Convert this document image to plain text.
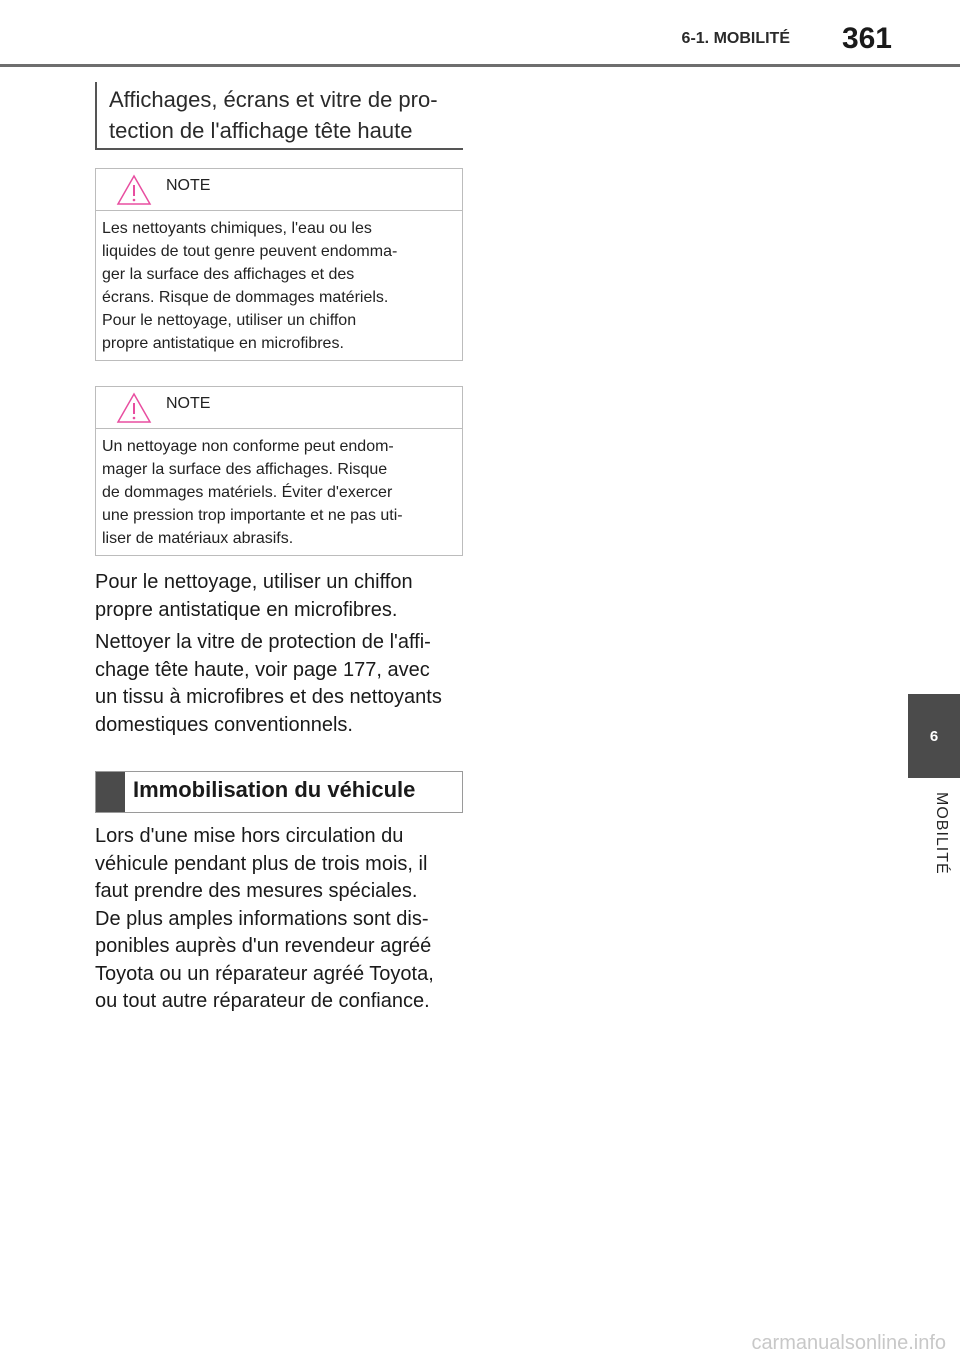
6-1. MOBILITÉ 361
6
MOBILITÉ
Affichages, écrans et vitre de pro-
tection de l'affichage tête haute
NOTE
Les nettoyants chimiques, l'eau ou les
liquides de tout genre peuvent endomma-
ger la surface des affichages et des
écrans. Risque de dommages matériels.
Pour le nettoyage, utiliser un chiffon
propre antistatique en microfibres.
NOTE
Un nettoyage non conforme peut endom-
mager la surface des affichages. Risque
de dommages matériels. Éviter d'exercer
une pression trop importante et ne pas uti-
liser de matériaux abrasifs.
Pour le nettoyage, utiliser un chiffon
propre antistatique en microfibres.
Nettoyer la vitre de protection de l'affi-
chage tête haute, voir page 177, avec
un tissu à microfibres et des nettoyants
domestiques conventionnels.
Immobilisation du véhicule
Lors d'une mise hors circulation du
véhicule pendant plus de trois mois, il
faut prendre des mesures spéciales.
De plus amples informations sont dis-
ponibles auprès d'un revendeur agréé
Toyota ou un réparateur agréé Toyota,
ou tout autre réparateur de confiance.
carmanualsonline.info
